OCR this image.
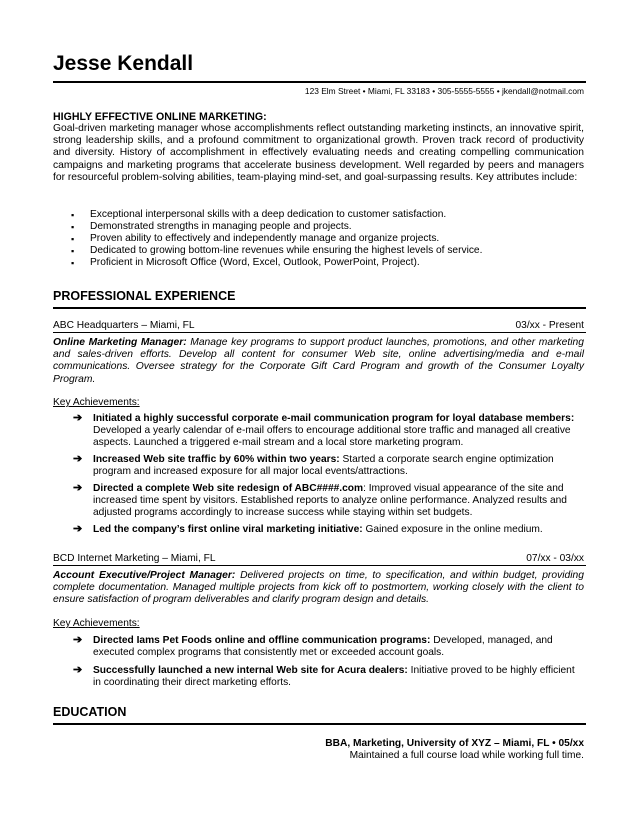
Jesse Kendall
123 Elm Street • Miami, FL 33183 • 305-5555-5555 • jkendall@notmail.com
HIGHLY EFFECTIVE ONLINE MARKETING:
Goal-driven marketing manager whose accomplishments reflect outstanding marketing instincts, an innovative spirit, strong leadership skills, and a profound commitment to organizational growth. Proven track record of productivity and diversity. History of accomplishment in effectively evaluating needs and creating compelling communication campaigns and marketing programs that accelerate business development. Well regarded by peers and managers for resourceful problem-solving abilities, team-playing mind-set, and goal-surpassing results. Key attributes include:
▪ Exceptional interpersonal skills with a deep dedication to customer satisfaction.
▪ Demonstrated strengths in managing people and projects.
▪ Proven ability to effectively and independently manage and organize projects.
▪ Dedicated to growing bottom-line revenues while ensuring the highest levels of service.
▪ Proficient in Microsoft Office (Word, Excel, Outlook, PowerPoint, Project).
PROFESSIONAL EXPERIENCE
ABC Headquarters – Miami, FL	03/xx - Present
Online Marketing Manager: Manage key programs to support product launches, promotions, and other marketing and sales-driven efforts. Develop all content for consumer Web site, online advertising/media and e-mail communications. Oversee strategy for the Corporate Gift Card Program and growth of the Consumer Loyalty Program.
Key Achievements:
➔ Initiated a highly successful corporate e-mail communication program for loyal database members: Developed a yearly calendar of e-mail offers to encourage additional store traffic and managed all creative aspects. Launched a triggered e-mail stream and a local store marketing program.
➔ Increased Web site traffic by 60% within two years: Started a corporate search engine optimization program and increased exposure for all major local events/attractions.
➔ Directed a complete Web site redesign of ABC####.com: Improved visual appearance of the site and increased time spent by visitors. Established reports to analyze online performance. Analyzed results and adjusted programs accordingly to increase success while staying within set budgets.
➔ Led the company’s first online viral marketing initiative: Gained exposure in the online medium.
BCD Internet Marketing – Miami, FL	07/xx - 03/xx
Account Executive/Project Manager: Delivered projects on time, to specification, and within budget, providing complete documentation. Managed multiple projects from kick off to postmortem, working closely with the client to ensure satisfaction of program deliverables and clarify program design and details.
Key Achievements:
➔ Directed Iams Pet Foods online and offline communication programs: Developed, managed, and executed complex programs that consistently met or exceeded account goals.
➔ Successfully launched a new internal Web site for Acura dealers: Initiative proved to be highly efficient in coordinating their direct marketing efforts.
EDUCATION
BBA, Marketing, University of XYZ – Miami, FL • 05/xx
Maintained a full course load while working full time.
